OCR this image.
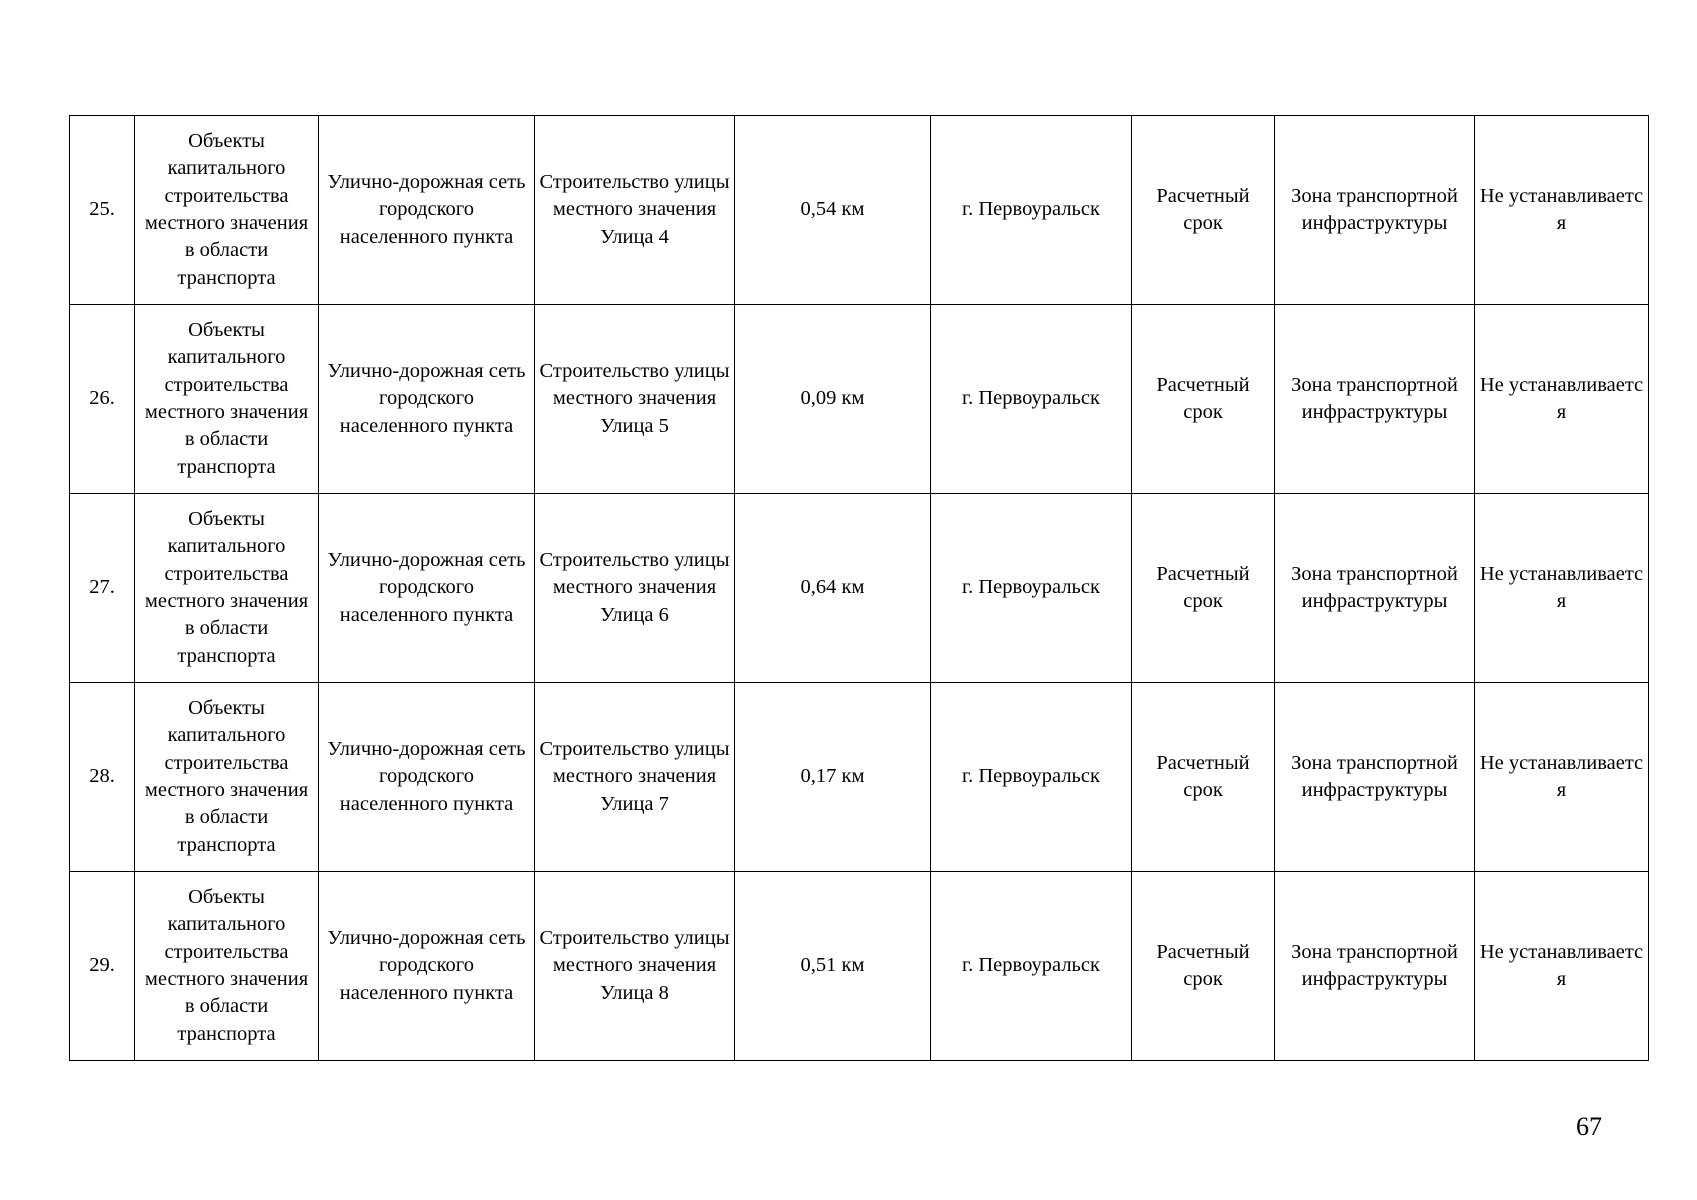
25.	Объекты капитального строительства местного значения в области транспорта	Улично-дорожная сеть городского населенного пункта	Строительство улицы местного значения Улица 4	0,54 км	г. Первоуральск	Расчетный срок	Зона транспортной инфраструктуры	Не устанавливаетс я
26.	Объекты капитального строительства местного значения в области транспорта	Улично-дорожная сеть городского населенного пункта	Строительство улицы местного значения Улица 5	0,09 км	г. Первоуральск	Расчетный срок	Зона транспортной инфраструктуры	Не устанавливаетс я
27.	Объекты капитального строительства местного значения в области транспорта	Улично-дорожная сеть городского населенного пункта	Строительство улицы местного значения Улица 6	0,64 км	г. Первоуральск	Расчетный срок	Зона транспортной инфраструктуры	Не устанавливаетс я
28.	Объекты капитального строительства местного значения в области транспорта	Улично-дорожная сеть городского населенного пункта	Строительство улицы местного значения Улица 7	0,17 км	г. Первоуральск	Расчетный срок	Зона транспортной инфраструктуры	Не устанавливаетс я
29.	Объекты капитального строительства местного значения в области транспорта	Улично-дорожная сеть городского населенного пункта	Строительство улицы местного значения Улица 8	0,51 км	г. Первоуральск	Расчетный срок	Зона транспортной инфраструктуры	Не устанавливаетс я
67
